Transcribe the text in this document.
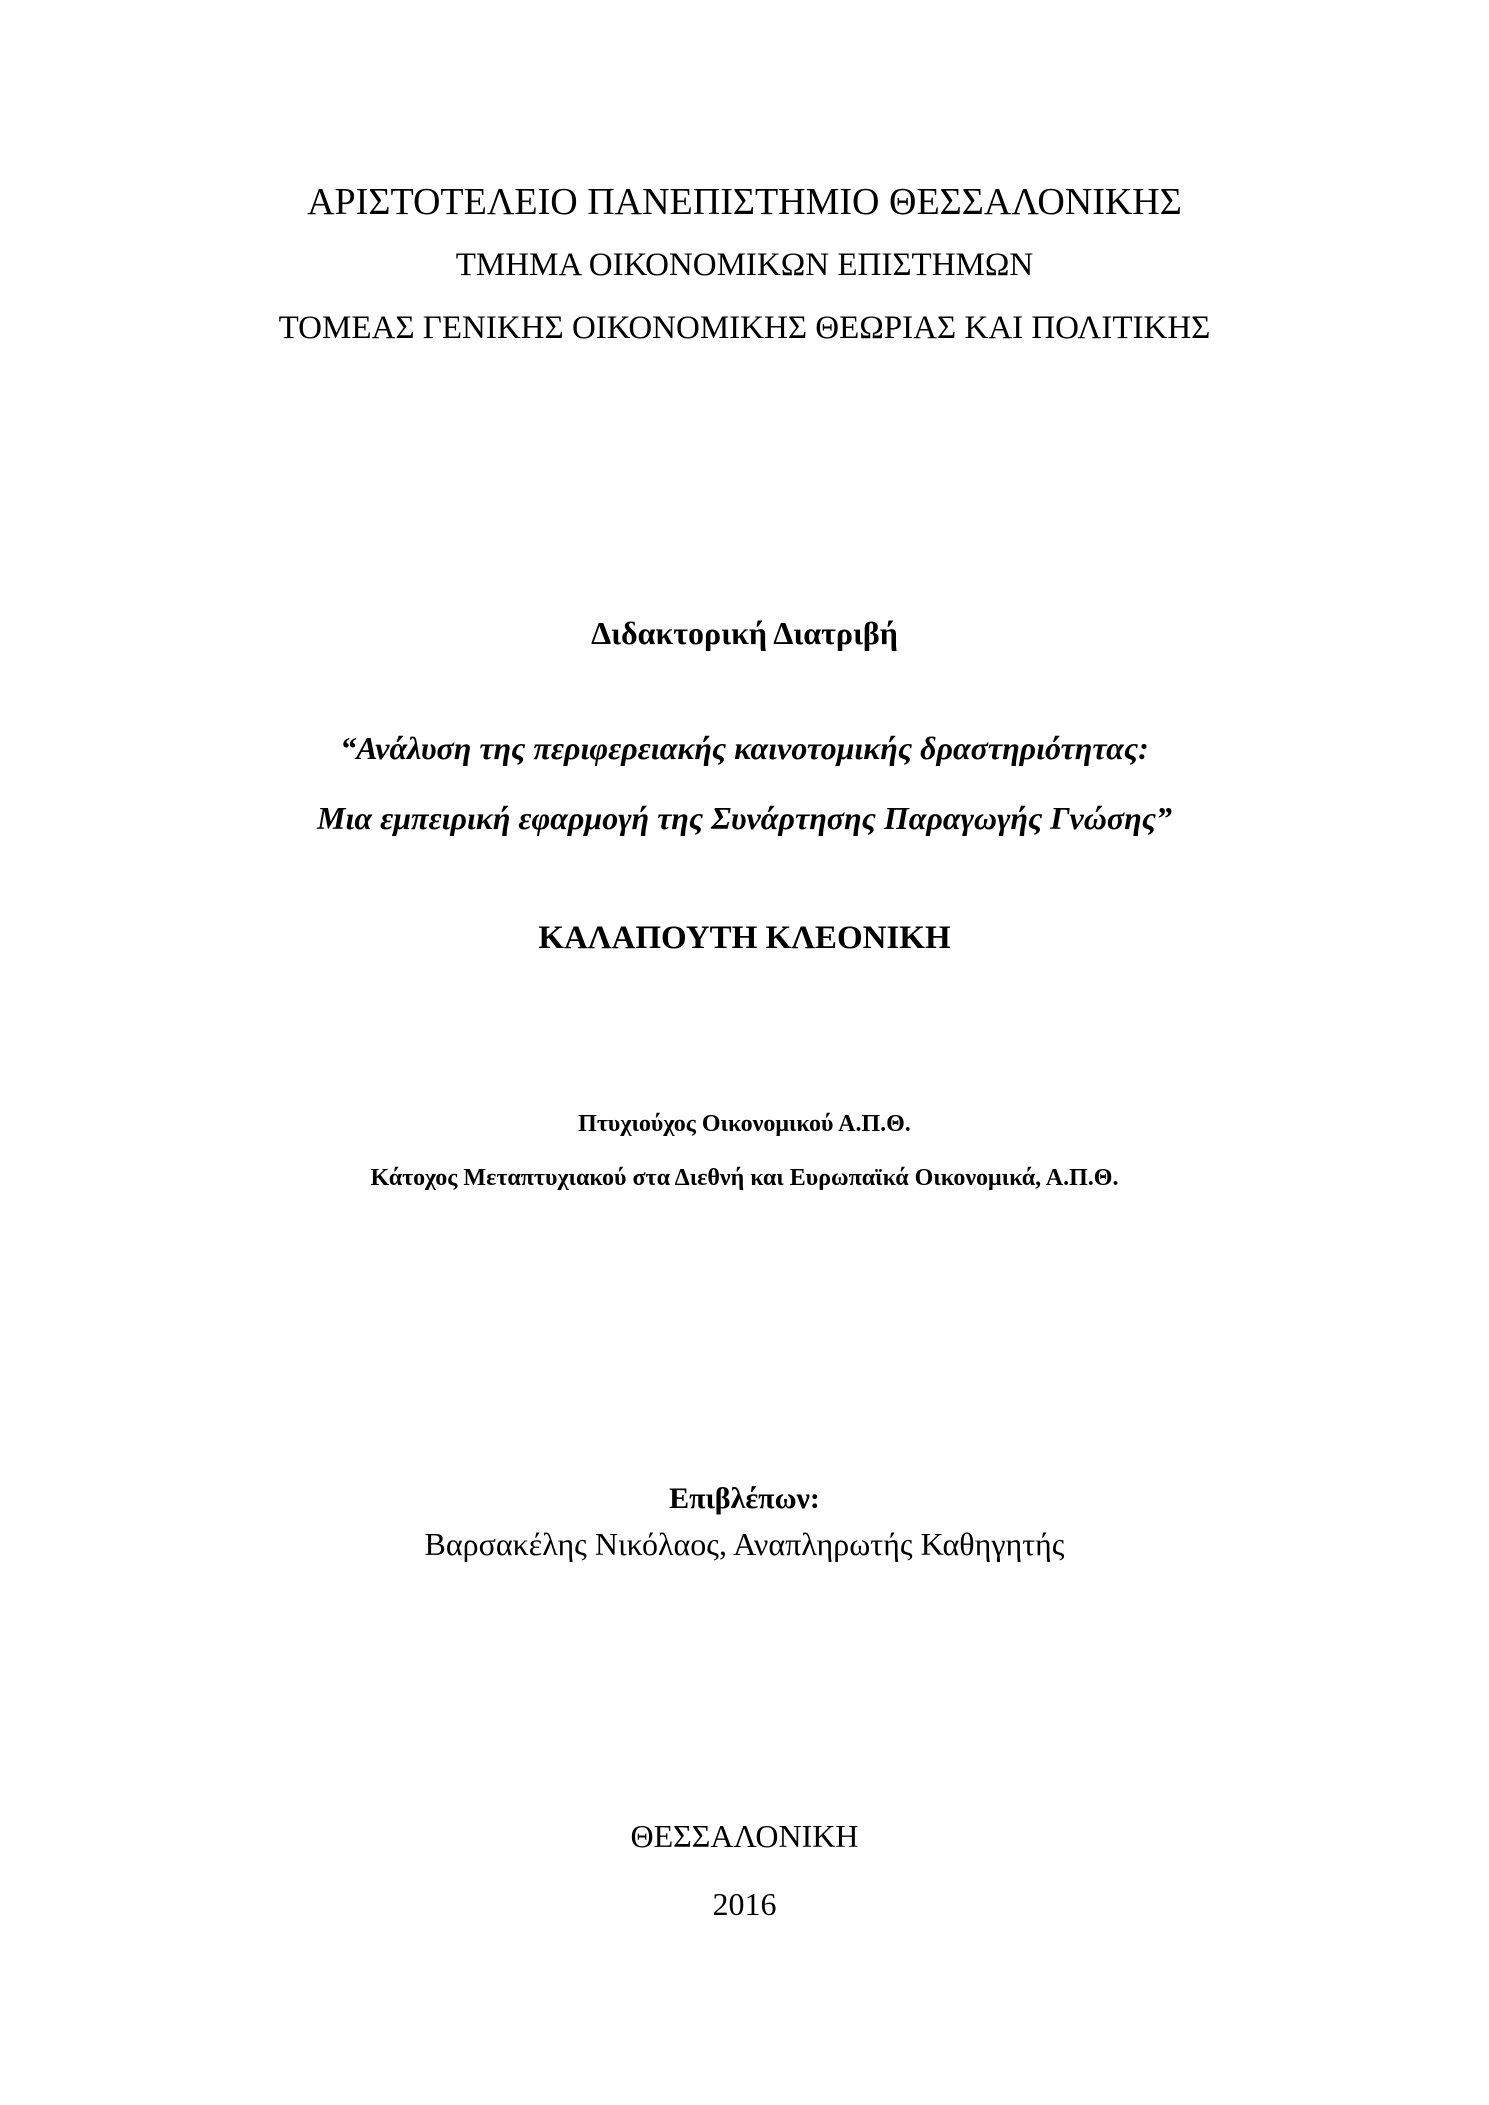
ΑΡΙΣΤΟΤΕΛΕΙΟ ΠΑΝΕΠΙΣΤΗΜΙΟ ΘΕΣΣΑΛΟΝΙΚΗΣ

ΤΜΗΜΑ ΟΙΚΟΝΟΜΙΚΩΝ ΕΠΙΣΤΗΜΩΝ

ΤΟΜΕΑΣ ΓΕΝΙΚΗΣ ΟΙΚΟΝΟΜΙΚΗΣ ΘΕΩΡΙΑΣ ΚΑΙ ΠΟΛΙΤΙΚΗΣ

Διδακτορική Διατριβή

“Ανάλυση της περιφερειακής καινοτομικής δραστηριότητας:

Μια εμπειρική εφαρμογή της Συνάρτησης Παραγωγής Γνώσης”

ΚΑΛΑΠΟΥΤΗ ΚΛΕΟΝΙΚΗ

Πτυχιούχος Οικονομικού Α.Π.Θ.

Κάτοχος Μεταπτυχιακού στα Διεθνή και Ευρωπαϊκά Οικονομικά, Α.Π.Θ.

Επιβλέπων:

Βαρσακέλης Νικόλαος, Αναπληρωτής Καθηγητής

ΘΕΣΣΑΛΟΝΙΚΗ

2016
